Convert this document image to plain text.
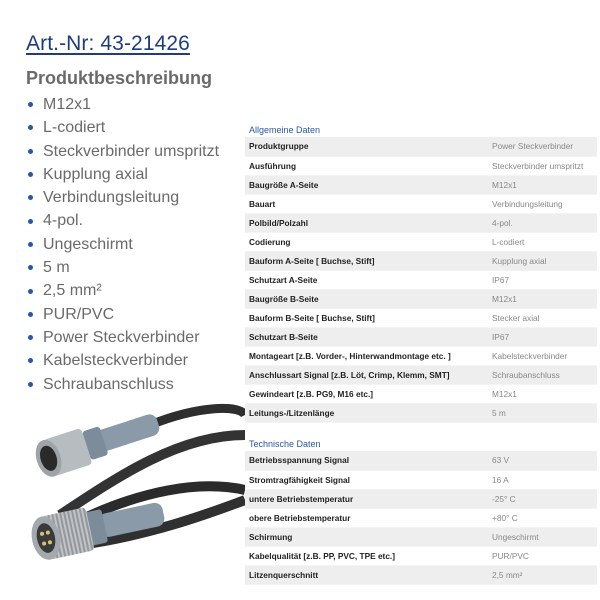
Art.-Nr: 43-21426
Produktbeschreibung
M12x1
L-codiert
Steckverbinder umspritzt
Kupplung axial
Verbindungsleitung
4-pol.
Ungeschirmt
5 m
2,5 mm²
PUR/PVC
Power Steckverbinder
Kabelsteckverbinder
Schraubanschluss
Allgemeine Daten
Produktgruppe	Power Steckverbinder
Ausführung	Steckverbinder umspritzt
Baugröße A-Seite	M12x1
Bauart	Verbindungsleitung
Polbild/Polzahl	4-pol.
Codierung	L-codiert
Bauform A-Seite [ Buchse, Stift]	Kupplung axial
Schutzart A-Seite	IP67
Baugröße B-Seite	M12x1
Bauform B-Seite [ Buchse, Stift]	Stecker axial
Schutzart B-Seite	IP67
Montageart [z.B. Vorder-, Hinterwandmontage etc. ]	Kabelsteckverbinder
Anschlussart Signal [z.B. Löt, Crimp, Klemm, SMT]	Schraubanschluss
Gewindeart [z.B. PG9, M16 etc.]	M12x1
Leitungs-/Litzenlänge	5 m
Technische Daten
Betriebsspannung Signal	63 V
Stromtragfähigkeit Signal	16 A
untere Betriebstemperatur	-25° C
obere Betriebstemperatur	+80° C
Schirmung	Ungeschirmt
Kabelqualität [z.B. PP, PVC, TPE etc.]	PUR/PVC
Litzenquerschnitt	2,5 mm²
